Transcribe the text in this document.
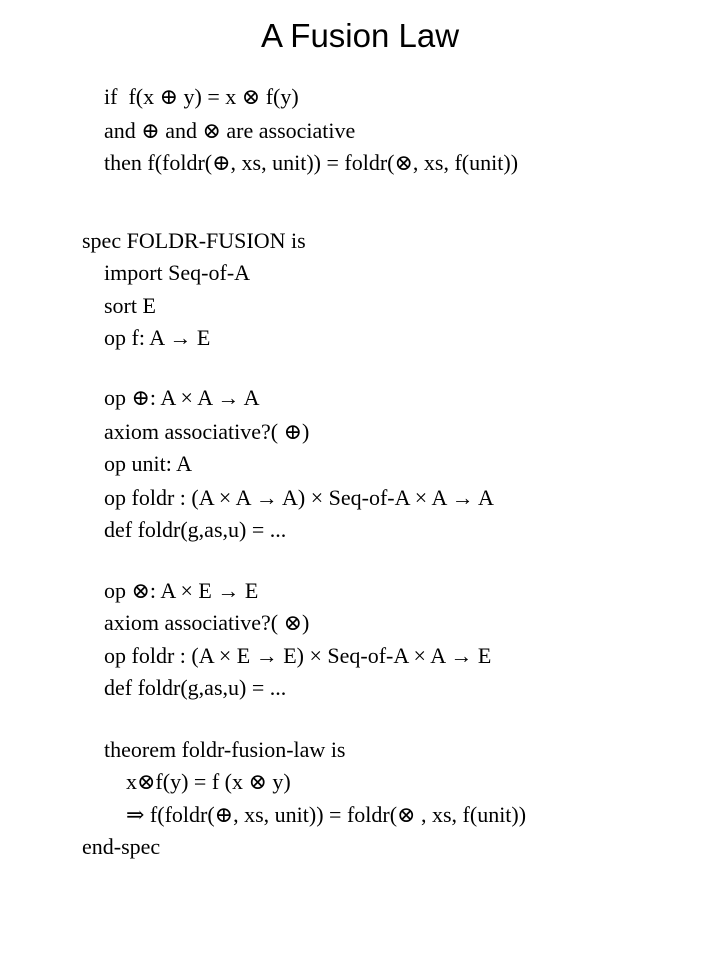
A Fusion Law
if  f(x ⊕ y) = x ⊗ f(y)
and ⊕ and ⊗ are associative
then f(foldr(⊕, xs, unit)) = foldr(⊗, xs, f(unit))
spec FOLDR-FUSION is
import Seq-of-A
sort E
op f: A → E
op ⊕: A × A → A
axiom associative?( ⊕)
op unit: A
op foldr : (A × A → A) × Seq-of-A × A → A
def foldr(g,as,u) = ...
op ⊗: A × E → E
axiom associative?( ⊗)
op foldr : (A × E → E) × Seq-of-A × A → E
def foldr(g,as,u) = ...
theorem foldr-fusion-law is
x⊗f(y) = f (x ⊗ y)
⇒ f(foldr(⊕, xs, unit)) = foldr(⊗ , xs, f(unit))
end-spec
